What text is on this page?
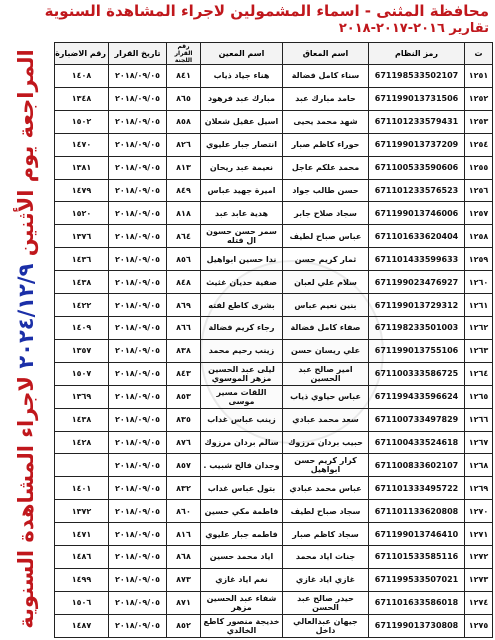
محافظة المثنى - اسماء المشمولين لاجراء المشاهدة السنوية
تقارير ٢٠١٦-٢٠١٧-٢٠١٨
المراجعة يوم الأثنين ٢٠٢٤/١٢/٩ لاجراء المشاهدة السنوية
ت	رمز النظام	اسم المعاق	اسم المعين	رقم القرار اللجنة	تاريخ القرار	رقم الاضبارة
١٢٥١	671198533502107	سناء كامل فضالة	هناء جياد ذياب	٨٤١	٢٠١٨/٠٩/٠٥	١٤٠٨
١٢٥٢	671199013731506	حامد مبارك عبد	مبارك عبد فرهود	٨٦٥	٢٠١٨/٠٩/٠٥	١٣٤٨
١٢٥٣	671101233579431	شهد محمد يحيى	اسيل عقيل شعلان	٨٥٨	٢٠١٨/٠٩/٠٥	١٥٠٢
١٢٥٤	671199013737209	حوراء كاظم صبار	انتصار جبار عليوي	٨٢٦	٢٠١٨/٠٩/٠٥	١٤٧٠
١٢٥٥	671100533590606	محمد علكم عاجل	نعيمة عبد ريحان	٨١٣	٢٠١٨/٠٩/٠٥	١٣٨١
١٢٥٦	671101233576523	حسن طالب جواد	اميرة جهيد عباس	٨٤٩	٢٠١٨/٠٩/٠٥	١٤٧٩
١٢٥٧	671199013746006	سجاد صلاح جابر	هدية عابد عبد	٨١٨	٢٠١٨/٠٩/٠٥	١٥٢٠
١٢٥٨	671101633620404	عباس صباح لطيف	سمر حسن حسون ال فتله	٨٦٤	٢٠١٨/٠٩/٠٥	١٣٧٦
١٢٥٩	671101433599633	ثمار كريم حسن	ندا حسين ابواهيل	٨٥٦	٢٠١٨/٠٩/٠٥	١٤٣٦
١٢٦٠	671199023476927	سلام علي لعبان	صفية حديان غثيث	٨٤٨	٢٠١٨/٠٩/٠٥	١٤٣٨
١٢٦١	671199013729312	بنين نعيم عباس	بشرى كاطع لفته	٨٦٩	٢٠١٨/٠٩/٠٥	١٤٢٢
١٢٦٢	671198233501003	صفاء كامل فضالة	رجاء كريم فضالة	٨٦٦	٢٠١٨/٠٩/٠٥	١٤٠٩
١٢٦٣	671199013755106	علي ريسان حسن	زينب رحيم محمد	٨٣٨	٢٠١٨/٠٩/٠٥	١٣٥٧
١٢٦٤	671100333586725	امير صالح عبد الحسين	ليلى عبد الحسين مزهر الموسوي	٨٤٣	٢٠١٨/٠٩/٠٥	١٥٠٧
١٢٦٥	671199433596624	عباس حياوي ذياب	اللقات مسير موسى	٨٥٣	٢٠١٨/٠٩/٠٥	١٣٦٩
١٢٦٦	671100733497829	سعد محمد عبادي	زينب عباس غداب	٨٣٥	٢٠١٨/٠٩/٠٥	١٤٣٨
١٢٦٧	671100433524618	حبيب بردان مرزوك	سالم بردان مرزوك	٨٧٦	٢٠١٨/٠٩/٠٥	١٤٢٨
١٢٦٨	671100833602107	كرار كريم حسن ابواهيل	وجدان فالح شبيب .	٨٥٧	٢٠١٨/٠٩/٠٥	
١٢٦٩	671101333495722	عباس محمد عبادي	بتول عباس غداب	٨٣٢	٢٠١٨/٠٩/٠٥	١٤٠١
١٢٧٠	671101133620808	سجاد صباح لطيف	فاطمة مكي حسين	٨٦٠	٢٠١٨/٠٩/٠٥	١٣٧٢
١٢٧١	671199013746410	سجاد كاظم صبار	فاطمه جبار عليوي	٨١٦	٢٠١٨/٠٩/٠٥	١٤٧١
١٢٧٢	671101533585116	جنات اياد محمد	اياد محمد حسين	٨٦٨	٢٠١٨/٠٩/٠٥	١٤٨٦
١٢٧٣	671199533507021	غازي اياد غازي	نغم اياد غازي	٨٧٣	٢٠١٨/٠٩/٠٥	١٤٩٩
١٢٧٤	671101633586018	حيدر صالح عبد الحسن	شفاء عبد الحسين مزهر	٨٧١	٢٠١٨/٠٩/٠٥	١٥٠٦
١٢٧٥	671199013730808	جيهان عبدالعالي داخل	خديجة منصور كاطع الخالدي	٨٥٢	٢٠١٨/٠٩/٠٥	١٤٨٧
